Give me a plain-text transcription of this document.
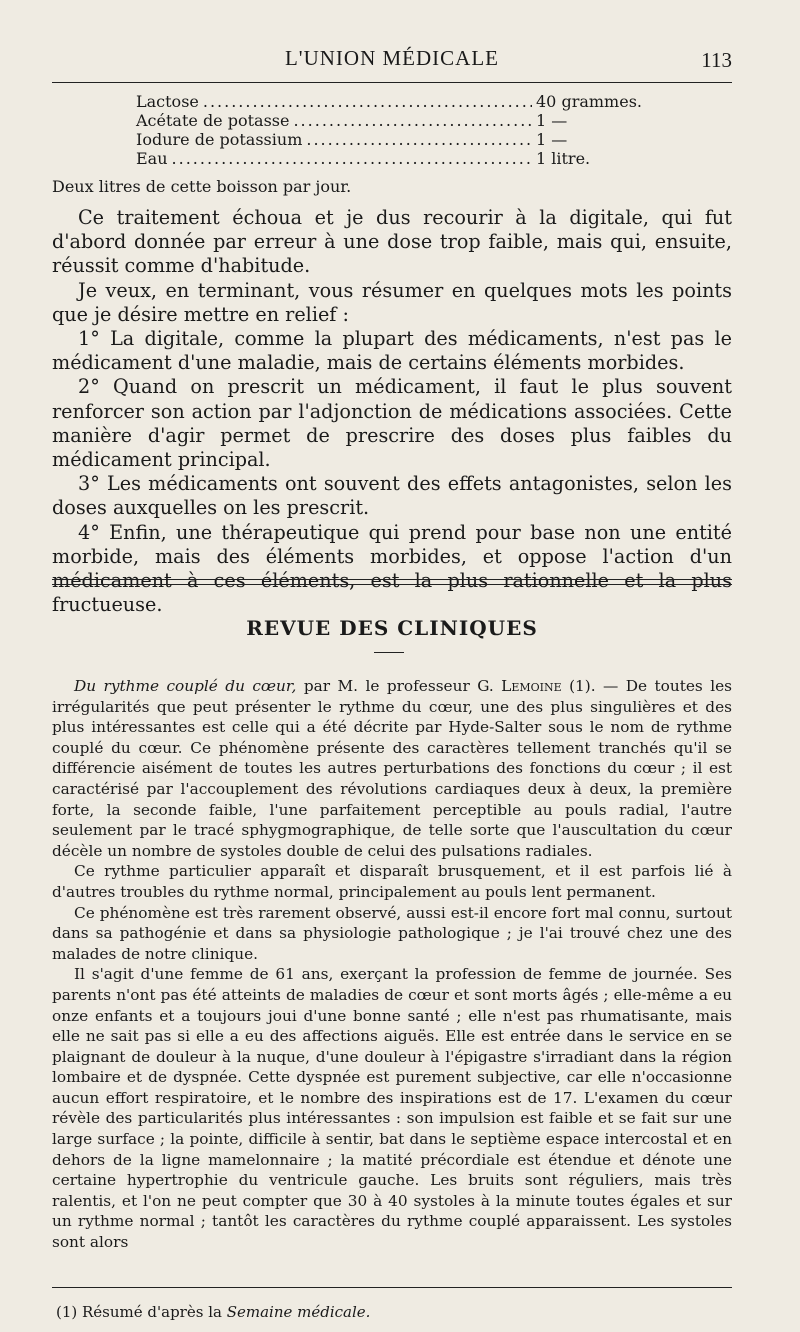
L'UNION MÉDICALE	113
Lactose .....	40 grammes.
Acétate de potasse .....	1 —
Iodure de potassium .....	1 —
Eau .....	1 litre.
Deux litres de cette boisson par jour.

Ce traitement échoua et je dus recourir à la digitale, qui fut d'abord donnée par erreur à une dose trop faible, mais qui, ensuite, réussit comme d'habitude.

Je veux, en terminant, vous résumer en quelques mots les points que je désire mettre en relief :

1° La digitale, comme la plupart des médicaments, n'est pas le médicament d'une maladie, mais de certains éléments morbides.

2° Quand on prescrit un médicament, il faut le plus souvent renforcer son action par l'adjonction de médications associées. Cette manière d'agir permet de prescrire des doses plus faibles du médicament principal.

3° Les médicaments ont souvent des effets antagonistes, selon les doses auxquelles on les prescrit.

4° Enfin, une thérapeutique qui prend pour base non une entité morbide, mais des éléments morbides, et oppose l'action d'un médicament à ces éléments, est la plus rationnelle et la plus fructueuse.

REVUE DES CLINIQUES

Du rythme couplé du cœur, par M. le professeur G. Lemoine (1). — De toutes les irrégularités que peut présenter le rythme du cœur, une des plus singulières et des plus intéressantes est celle qui a été décrite par Hyde-Salter sous le nom de rythme couplé du cœur. Ce phénomène présente des caractères tellement tranchés qu'il se différencie aisément de toutes les autres perturbations des fonctions du cœur ; il est caractérisé par l'accouplement des révolutions cardiaques deux à deux, la première forte, la seconde faible, l'une parfaitement perceptible au pouls radial, l'autre seulement par le tracé sphygmographique, de telle sorte que l'auscultation du cœur décèle un nombre de systoles double de celui des pulsations radiales.

Ce rythme particulier apparaît et disparaît brusquement, et il est parfois lié à d'autres troubles du rythme normal, principalement au pouls lent permanent.

Ce phénomène est très rarement observé, aussi est-il encore fort mal connu, surtout dans sa pathogénie et dans sa physiologie pathologique ; je l'ai trouvé chez une des malades de notre clinique.

Il s'agit d'une femme de 61 ans, exerçant la profession de femme de journée. Ses parents n'ont pas été atteints de maladies de cœur et sont morts âgés ; elle-même a eu onze enfants et a toujours joui d'une bonne santé ; elle n'est pas rhumatisante, mais elle ne sait pas si elle a eu des affections aiguës. Elle est entrée dans le service en se plaignant de douleur à la nuque, d'une douleur à l'épigastre s'irradiant dans la région lombaire et de dyspnée. Cette dyspnée est purement subjective, car elle n'occasionne aucun effort respiratoire, et le nombre des inspirations est de 17. L'examen du cœur révèle des particularités plus intéressantes : son impulsion est faible et se fait sur une large surface ; la pointe, difficile à sentir, bat dans le septième espace intercostal et en dehors de la ligne mamelonnaire ; la matité précordiale est étendue et dénote une certaine hypertrophie du ventricule gauche. Les bruits sont réguliers, mais très ralentis, et l'on ne peut compter que 30 à 40 systoles à la minute toutes égales et sur un rythme normal ; tantôt les caractères du rythme couplé apparaissent. Les systoles sont alors

(1) Résumé d'après la Semaine médicale.
